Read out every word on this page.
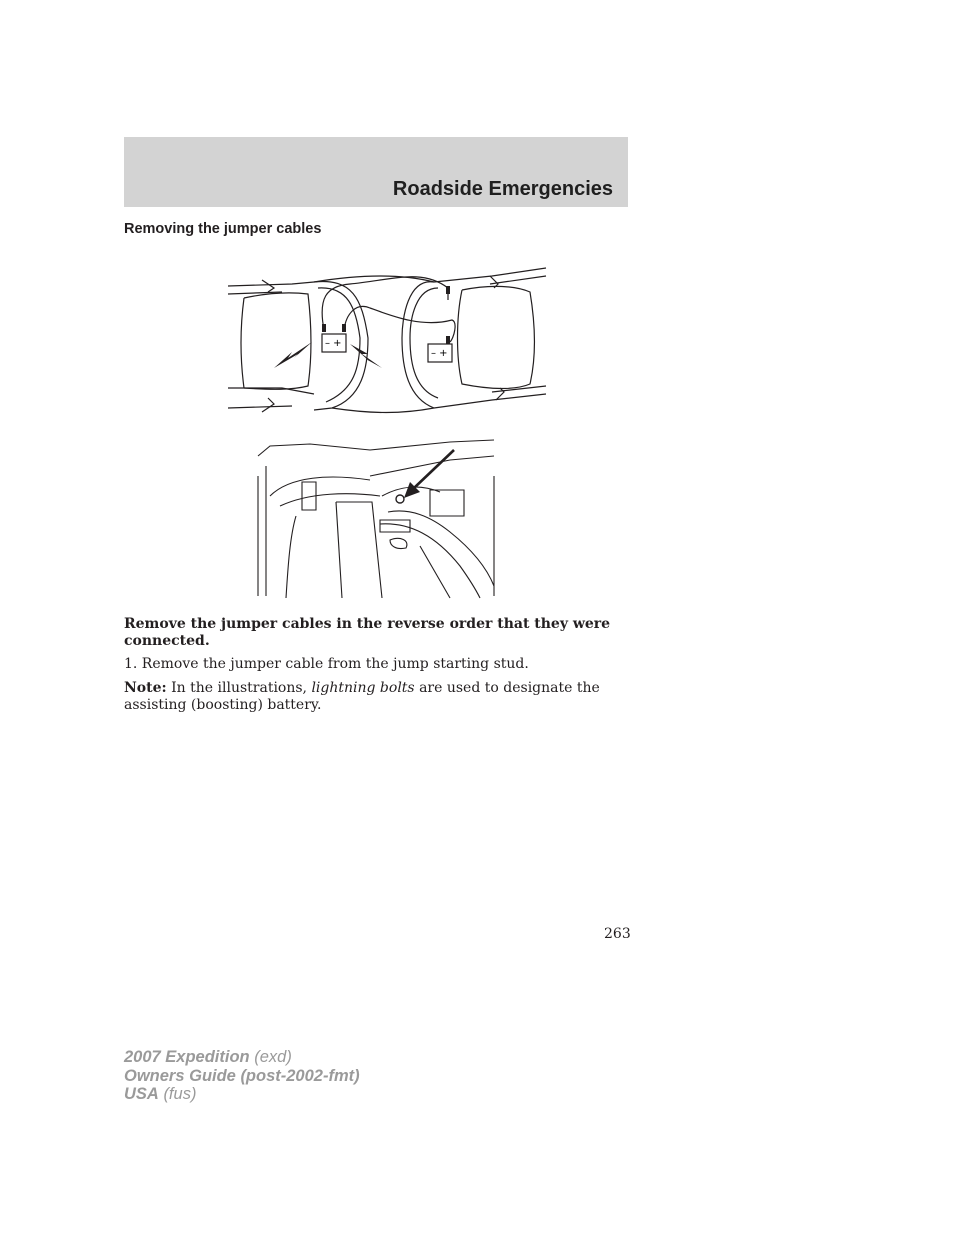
Roadside Emergencies
Removing the jumper cables
– +
– +
Remove the jumper cables in the reverse order that they were connected.
1. Remove the jumper cable from the jump starting stud.
Note: In the illustrations, lightning bolts are used to designate the assisting (boosting) battery.
263
2007 Expedition (exd)
Owners Guide (post-2002-fmt)
USA (fus)
